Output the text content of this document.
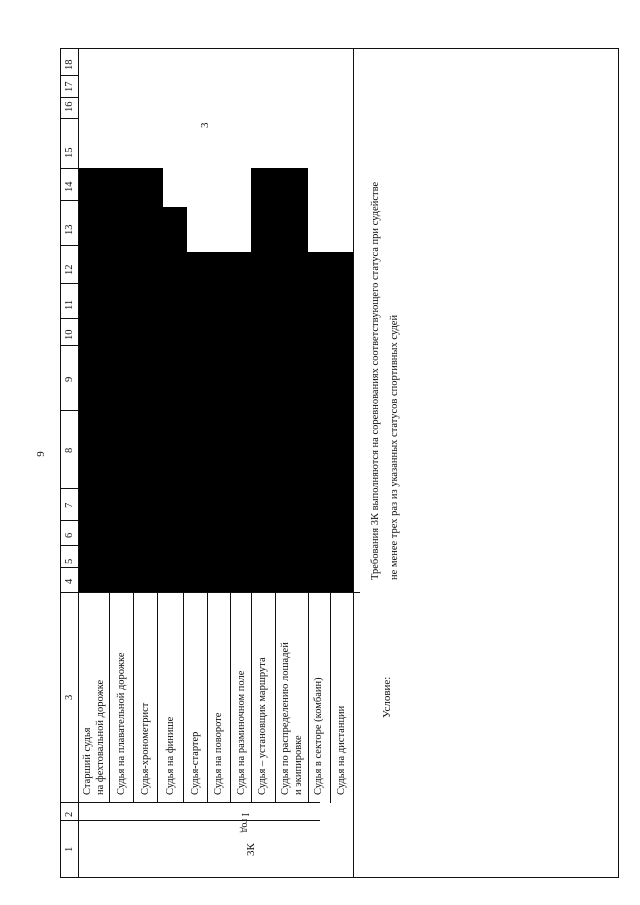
9
1
2
3
4
5
6
7
8
9
10
11
12
13
14
15
16
17
18
3К
I год
Старший судья на фехтовальной дорожке Судья на плавательной дорожке Судья-хронометрист Судья на финише Судья-стартер Судья на повороте Судья на разминочном поле Судья – установщик маршрута Судья по распределению лошадей и экипировке Судья в секторе (комбаин) Судья на дистанции
3
Условие:
Требования 3К выполняются на соревнованиях соответствующего статуса при судействе не менее трех раз из указанных статусов спортивных судей
